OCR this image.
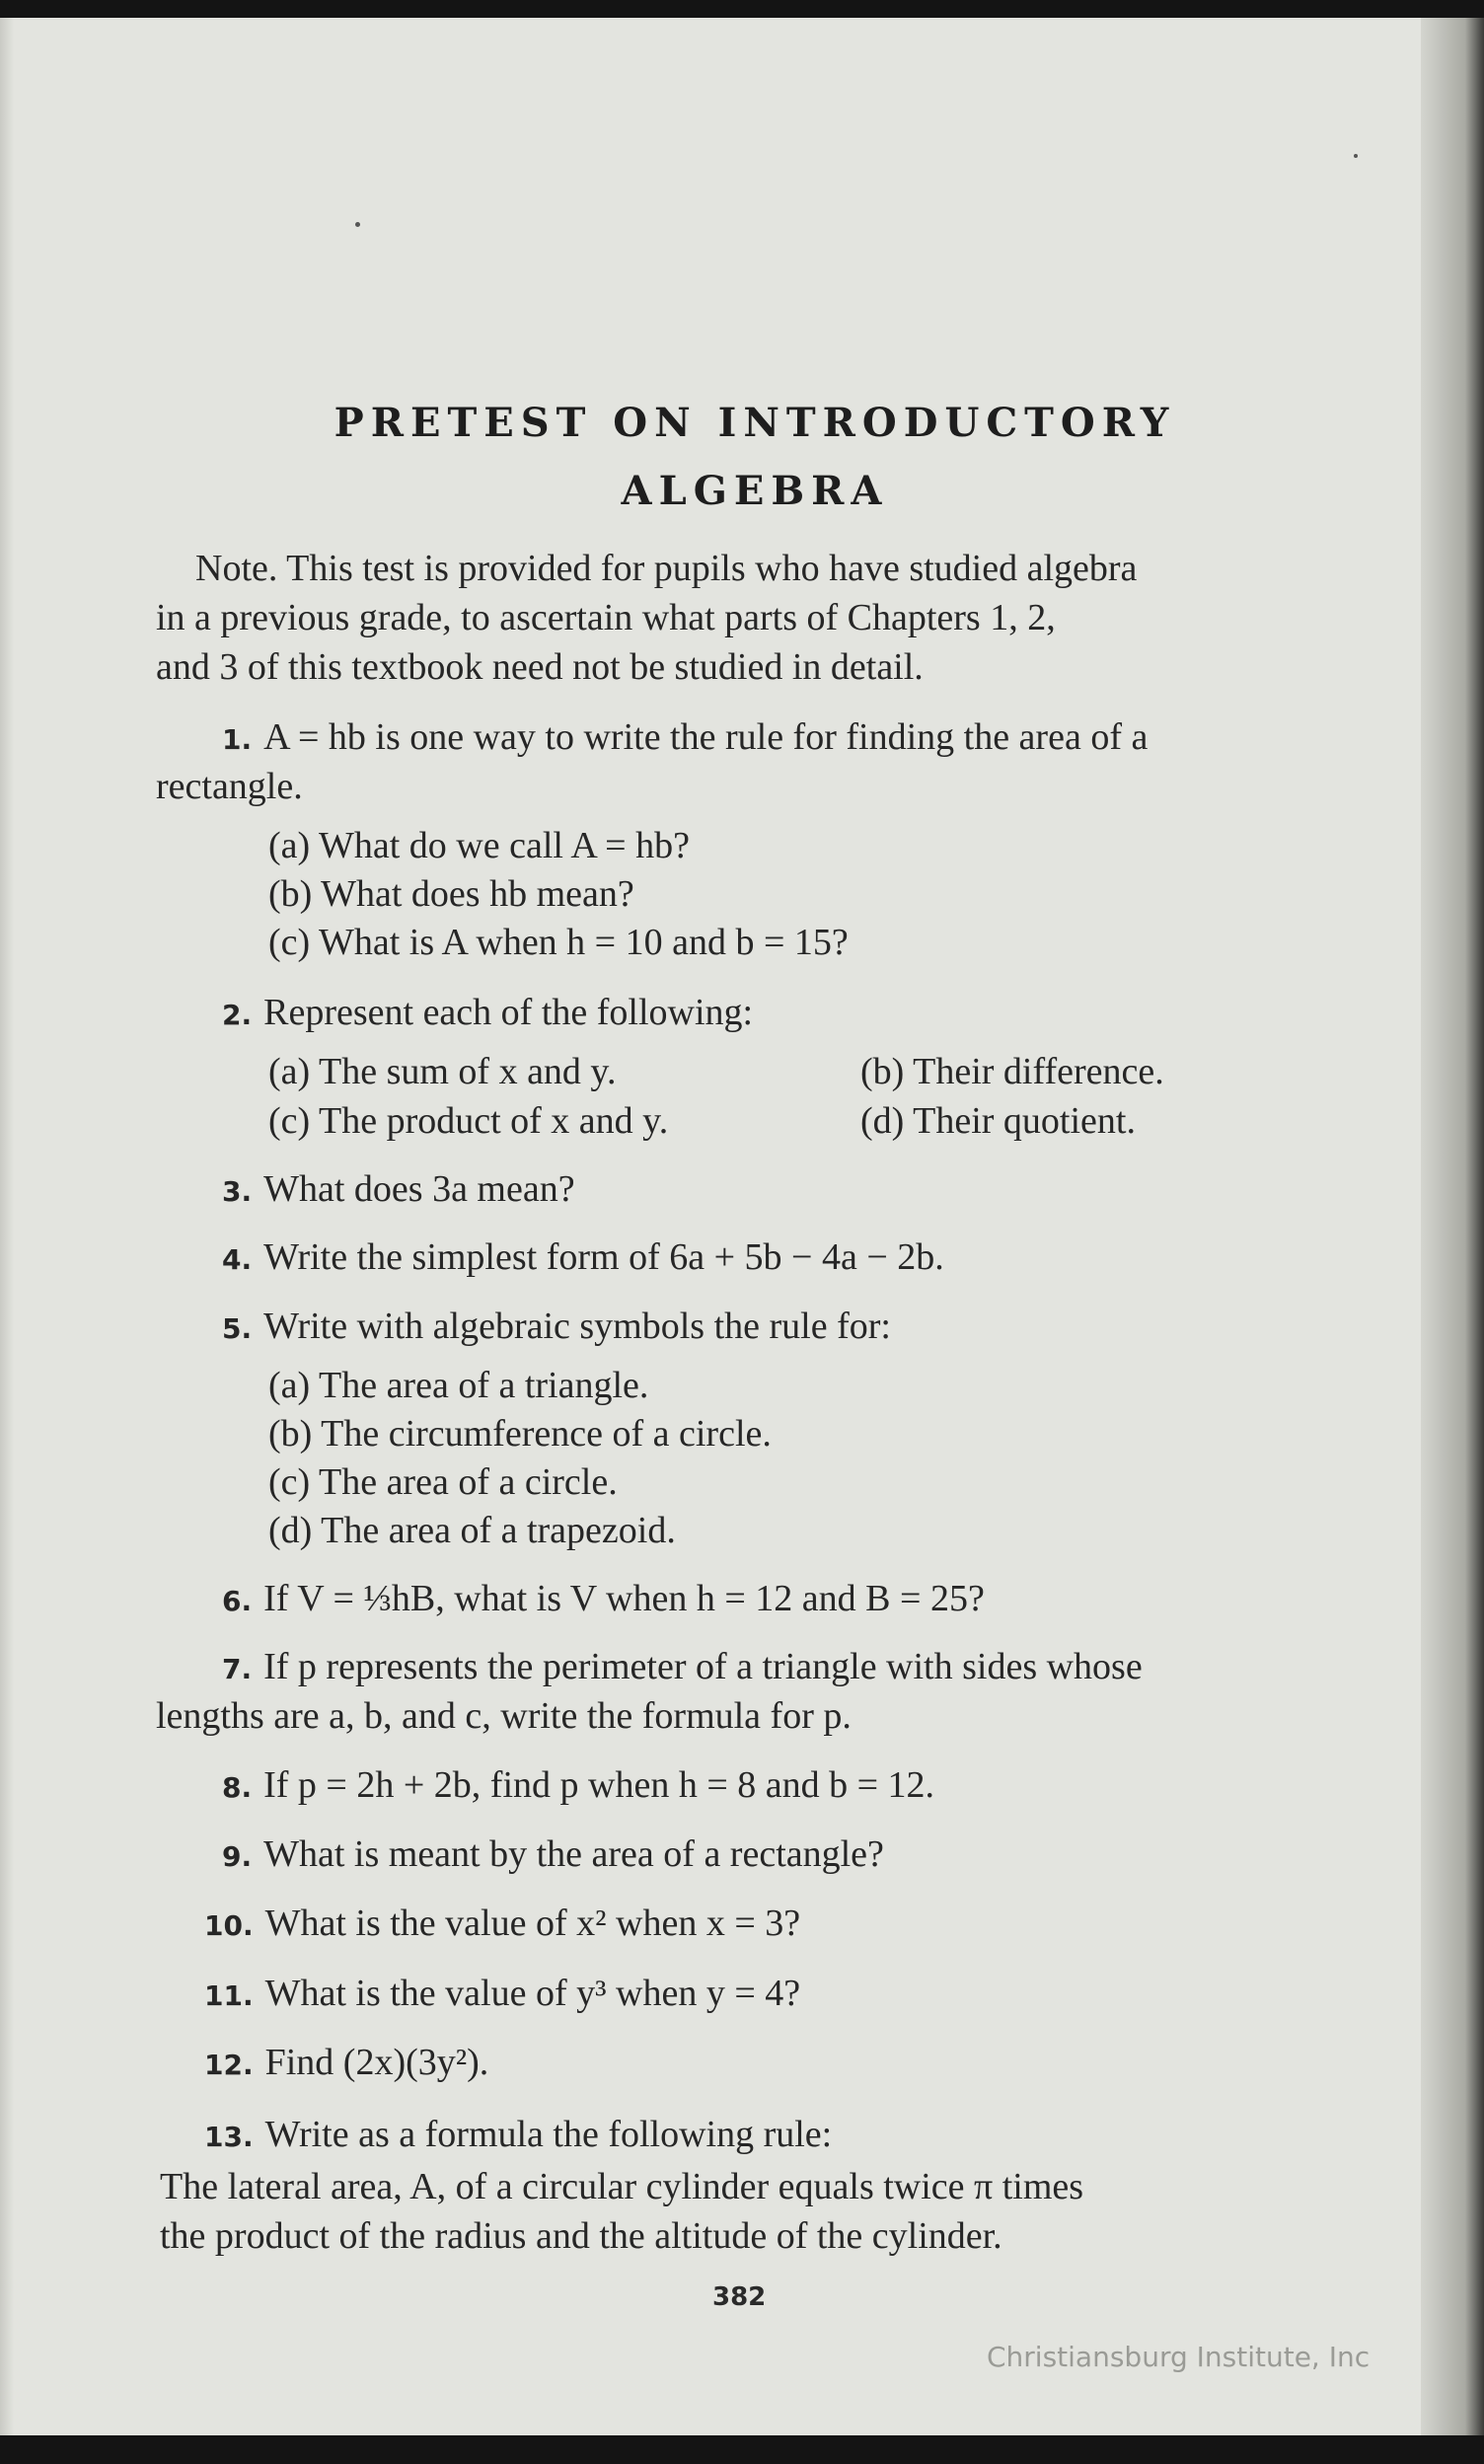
PRETEST ON INTRODUCTORY
ALGEBRA
Note. This test is provided for pupils who have studied algebra
in a previous grade, to ascertain what parts of Chapters 1, 2,
and 3 of this textbook need not be studied in detail.
1. A = hb is one way to write the rule for finding the area of a
rectangle.
(a) What do we call A = hb?
(b) What does hb mean?
(c) What is A when h = 10 and b = 15?
2. Represent each of the following:
(a) The sum of x and y.	(b) Their difference.
(c) The product of x and y.	(d) Their quotient.
3. What does 3a mean?
4. Write the simplest form of 6a + 5b − 4a − 2b.
5. Write with algebraic symbols the rule for:
(a) The area of a triangle.
(b) The circumference of a circle.
(c) The area of a circle.
(d) The area of a trapezoid.
6. If V = ⅓hB, what is V when h = 12 and B = 25?
7. If p represents the perimeter of a triangle with sides whose
lengths are a, b, and c, write the formula for p.
8. If p = 2h + 2b, find p when h = 8 and b = 12.
9. What is meant by the area of a rectangle?
10. What is the value of x² when x = 3?
11. What is the value of y³ when y = 4?
12. Find (2x)(3y²).
13. Write as a formula the following rule:
The lateral area, A, of a circular cylinder equals twice π times
the product of the radius and the altitude of the cylinder.
382
Christiansburg Institute, Inc
